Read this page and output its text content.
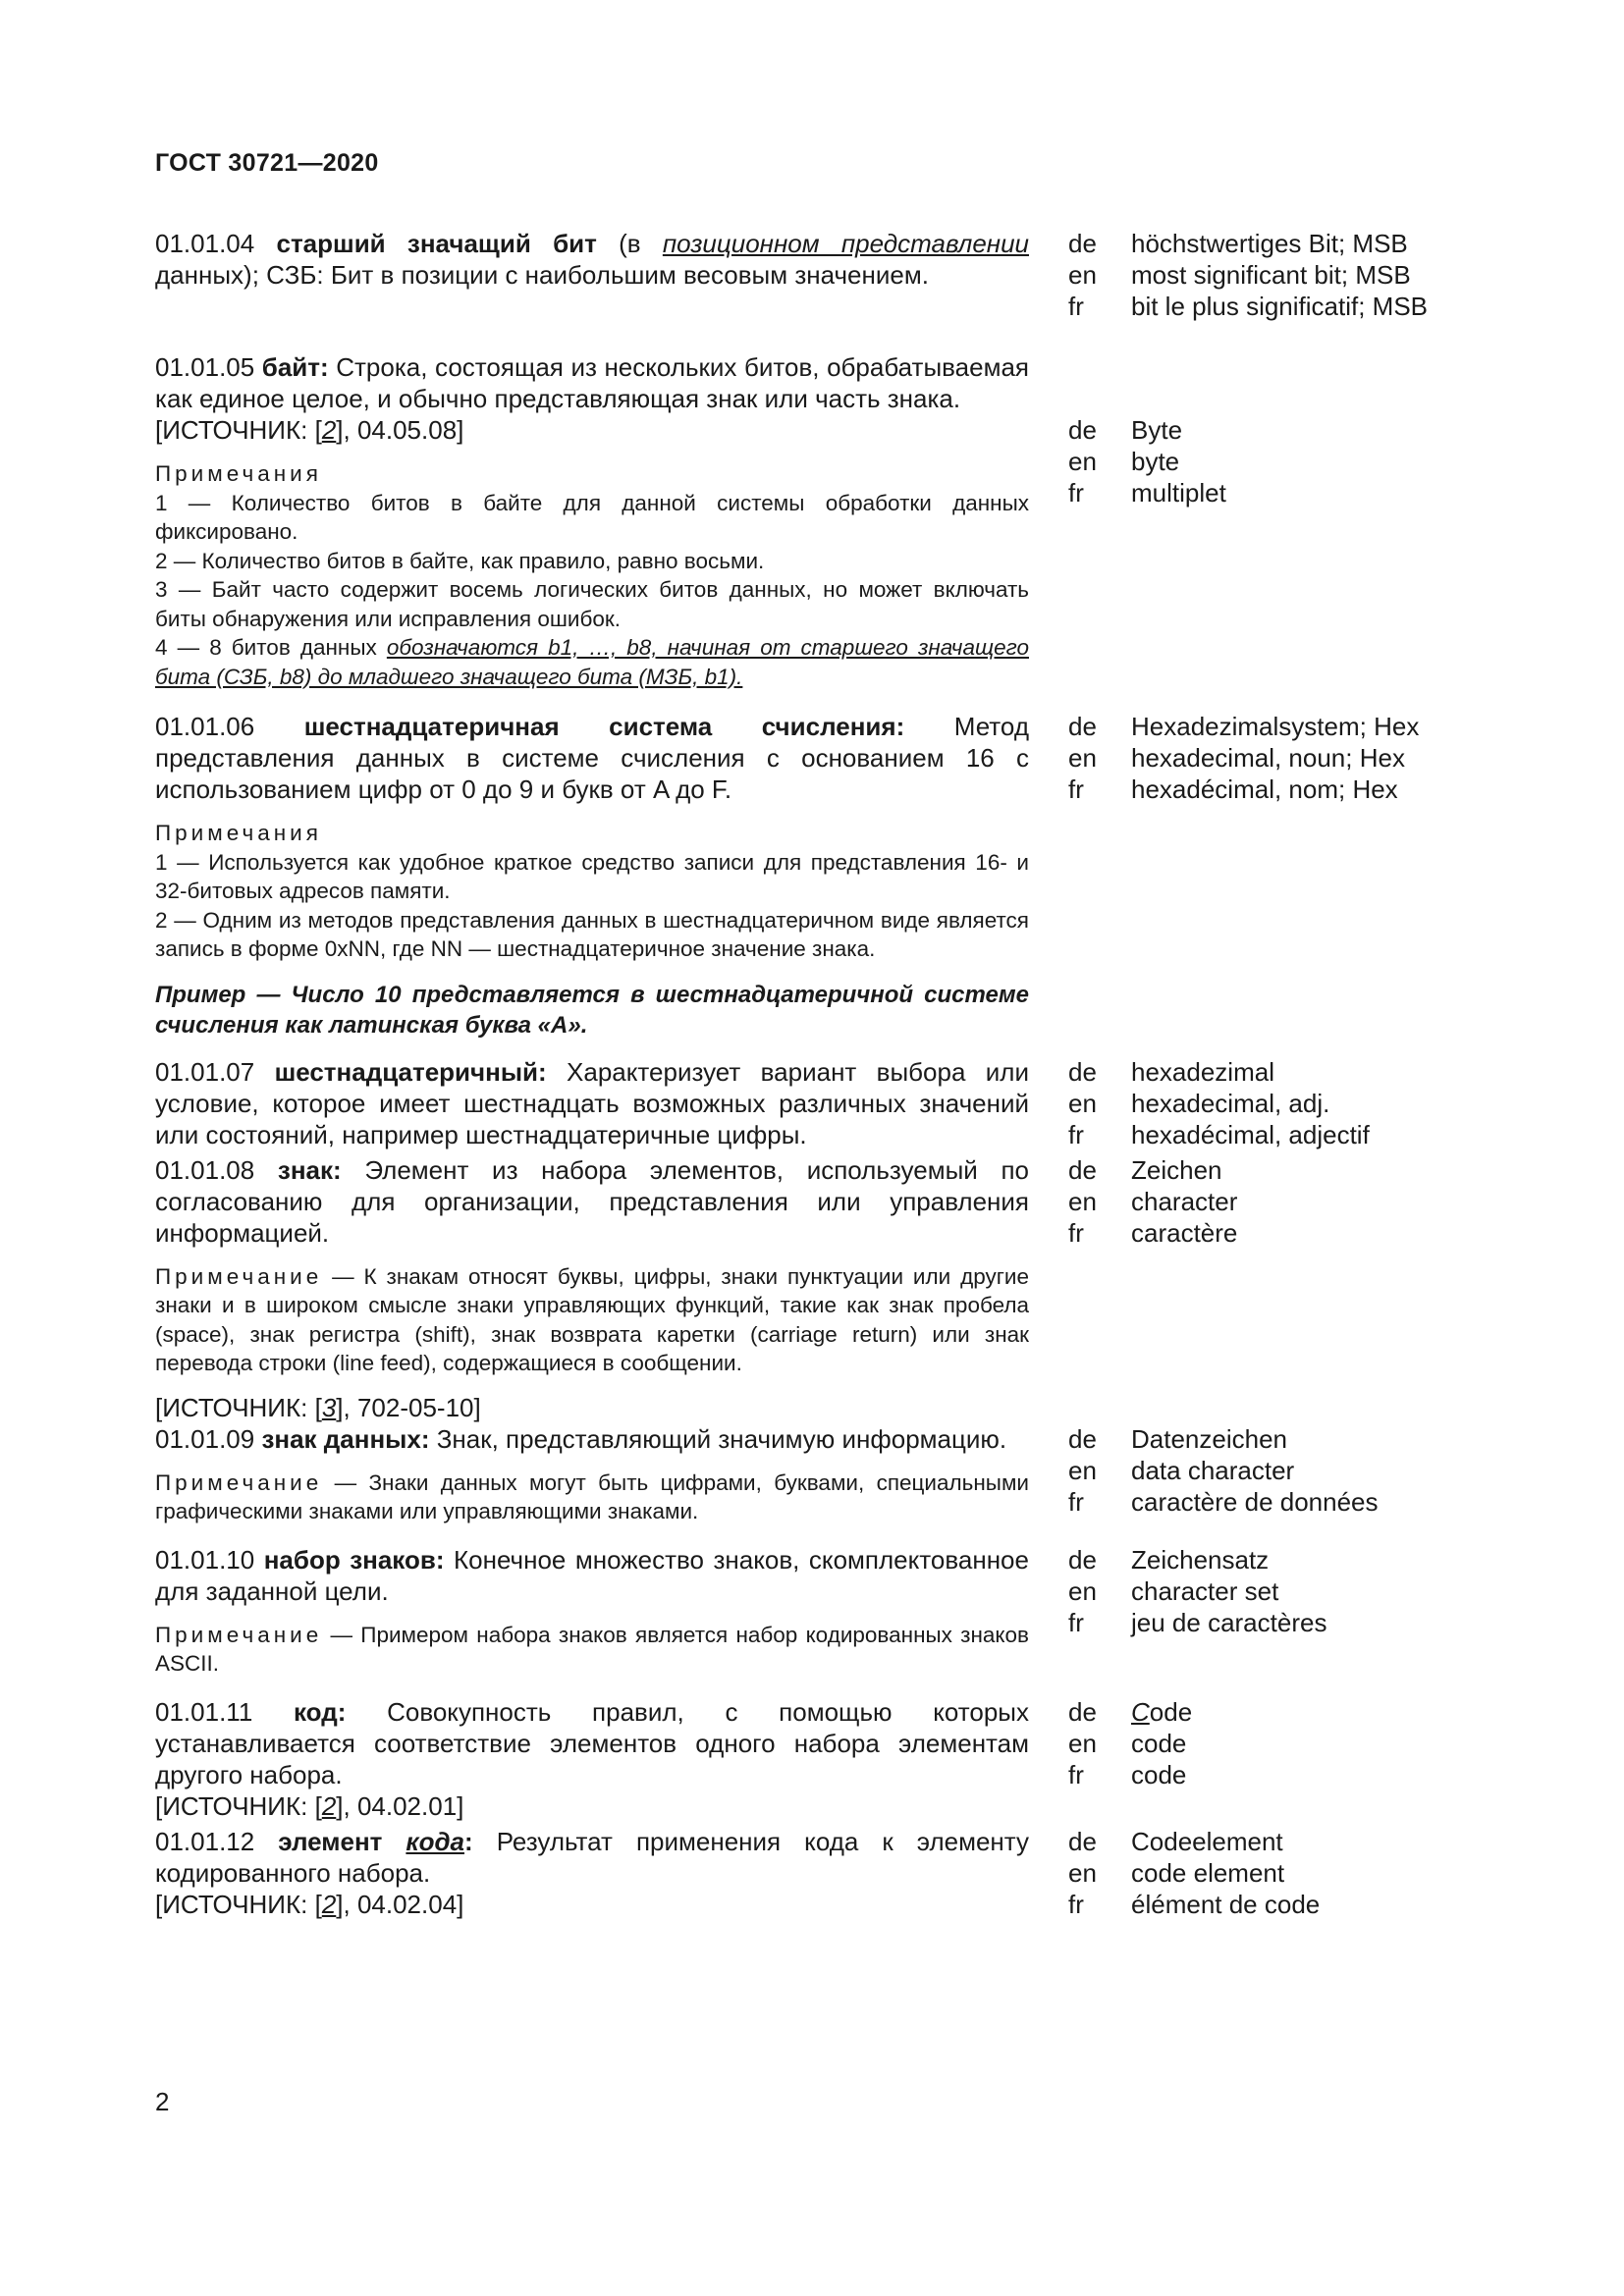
ГОСТ 30721—2020

01.01.04 старший значащий бит (в позиционном представлении данных); СЗБ: Бит в позиции с наибольшим весовым значением.

de	höchstwertiges Bit; MSB
en	most significant bit; MSB
fr	bit le plus significatif; MSB

01.01.05 байт: Строка, состоящая из нескольких битов, обрабатываемая как единое целое, и обычно представляющая знак или часть знака.

[ИСТОЧНИК: [2], 04.05.08]

Примечания

1 — Количество битов в байте для данной системы обработки данных фиксировано.

2 — Количество битов в байте, как правило, равно восьми.

3 — Байт часто содержит восемь логических битов данных, но может включать биты обнаружения или исправления ошибок.

4 — 8 битов данных обозначаются b1, …, b8, начиная от старшего значащего бита (СЗБ, b8) до младшего значащего бита (МЗБ, b1).

de	Byte
en	byte
fr	multiplet

01.01.06 шестнадцатеричная система счисления: Метод представления данных в системе счисления с основанием 16 с использованием цифр от 0 до 9 и букв от A до F.

Примечания

1 — Используется как удобное краткое средство записи для представления 16- и 32-битовых адресов памяти.

2 — Одним из методов представления данных в шестнадцатеричном виде является запись в форме 0xNN, где NN — шестнадцатеричное значение знака.

Пример — Число 10 представляется в шестнадцатеричной системе счисления как латинская буква «A».

de	Hexadezimalsystem; Hex
en	hexadecimal, noun; Hex
fr	hexadécimal, nom; Hex

01.01.07 шестнадцатеричный: Характеризует вариант выбора или условие, которое имеет шестнадцать возможных различных значений или состояний, например шестнадцатеричные цифры.

de	hexadezimal
en	hexadecimal, adj.
fr	hexadécimal, adjectif

01.01.08 знак: Элемент из набора элементов, используемый по согласованию для организации, представления или управления информацией.

Примечание — К знакам относят буквы, цифры, знаки пунктуации или другие знаки и в широком смысле знаки управляющих функций, такие как знак пробела (space), знак регистра (shift), знак возврата каретки (carriage return) или знак перевода строки (line feed), содержащиеся в сообщении.

[ИСТОЧНИК: [3], 702-05-10]

de	Zeichen
en	character
fr	caractère

01.01.09 знак данных: Знак, представляющий значимую информацию.

Примечание — Знаки данных могут быть цифрами, буквами, специальными графическими знаками или управляющими знаками.

de	Datenzeichen
en	data character
fr	caractère de données

01.01.10 набор знаков: Конечное множество знаков, скомплектованное для заданной цели.

Примечание — Примером набора знаков является набор кодированных знаков ASCII.

de	Zeichensatz
en	character set
fr	jeu de caractères

01.01.11 код: Совокупность правил, с помощью которых устанавливается соответствие элементов одного набора элементам другого набора.

[ИСТОЧНИК: [2], 04.02.01]

de	Code
en	code
fr	code

01.01.12 элемент кода: Результат применения кода к элементу кодированного набора.

[ИСТОЧНИК: [2], 04.02.04]

de	Codeelement
en	code element
fr	élément de code
2
